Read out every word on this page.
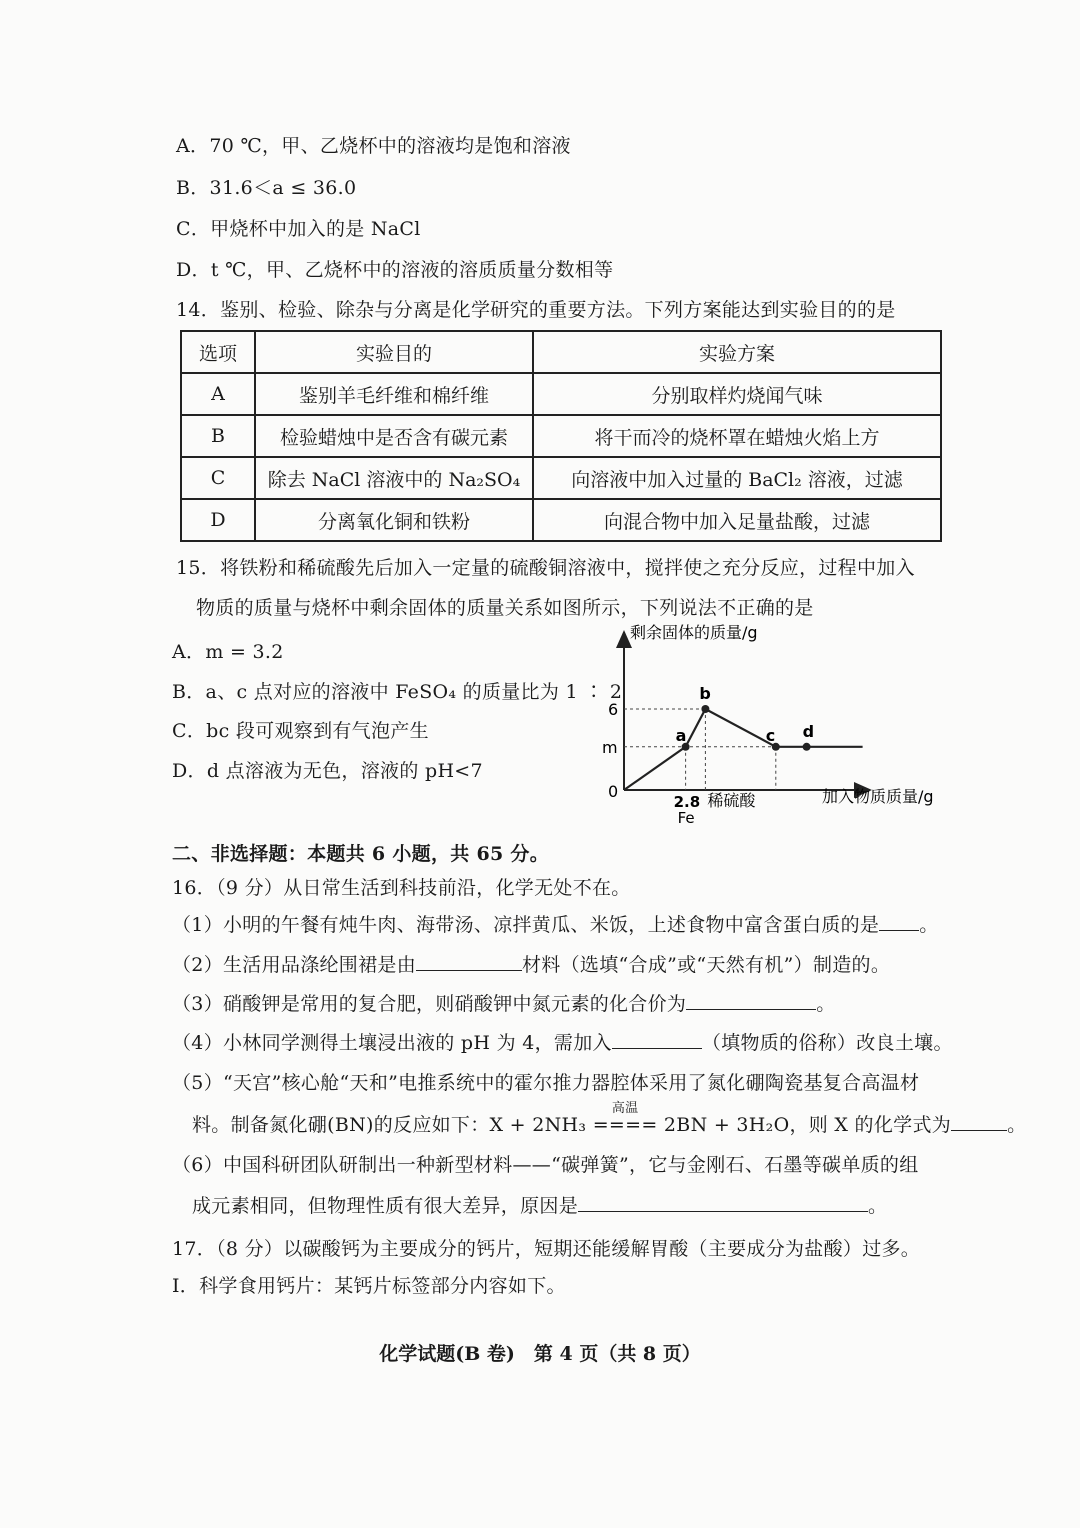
A．70 ℃，甲、乙烧杯中的溶液均是饱和溶液
B．31.6＜a ≤ 36.0
C．甲烧杯中加入的是 NaCl
D．t ℃，甲、乙烧杯中的溶液的溶质质量分数相等
14．鉴别、检验、除杂与分离是化学研究的重要方法。下列方案能达到实验目的的是
选项	实验目的	实验方案
A	鉴别羊毛纤维和棉纤维	分别取样灼烧闻气味
B	检验蜡烛中是否含有碳元素	将干而冷的烧杯罩在蜡烛火焰上方
C	除去 NaCl 溶液中的 Na₂SO₄	向溶液中加入过量的 BaCl₂ 溶液，过滤
D	分离氧化铜和铁粉	向混合物中加入足量盐酸，过滤
15．将铁粉和稀硫酸先后加入一定量的硫酸铜溶液中，搅拌使之充分反应，过程中加入
物质的质量与烧杯中剩余固体的质量关系如图所示，下列说法不正确的是
A．m = 3.2
B．a、c 点对应的溶液中 FeSO₄ 的质量比为 1 ∶ 2
C．bc 段可观察到有气泡产生
D．d 点溶液为无色，溶液的 pH<7
剩余固体的质量/g
加入物质质量/g
0
6
m
2.8
Fe
稀硫酸
a
b
c d
二、非选择题：本题共 6 小题，共 65 分。
16．（9 分）从日常生活到科技前沿，化学无处不在。
（1）小明的午餐有炖牛肉、海带汤、凉拌黄瓜、米饭，上述食物中富含蛋白质的是 。
（2）生活用品涤纶围裙是由	材料（选填“合成”或“天然有机”）制造的。
（3）硝酸钾是常用的复合肥，则硝酸钾中氮元素的化合价为	。
（4）小林同学测得土壤浸出液的 pH 为 4，需加入	（填物质的俗称）改良土壤。
（5）“天宫”核心舱“天和”电推系统中的霍尔推力器腔体采用了氮化硼陶瓷基复合高温材
料。制备氮化硼(BN)的反应如下：X + 2NH₃
高温
==== 2BN + 3H₂O，则 X 的化学式为	。
（6）中国科研团队研制出一种新型材料——“碳弹簧”，它与金刚石、石墨等碳单质的组
成元素相同，但物理性质有很大差异，原因是	。
17．（8 分）以碳酸钙为主要成分的钙片，短期还能缓解胃酸（主要成分为盐酸）过多。
Ⅰ．科学食用钙片：某钙片标签部分内容如下。
化学试题(B 卷)　第 4 页（共 8 页）
